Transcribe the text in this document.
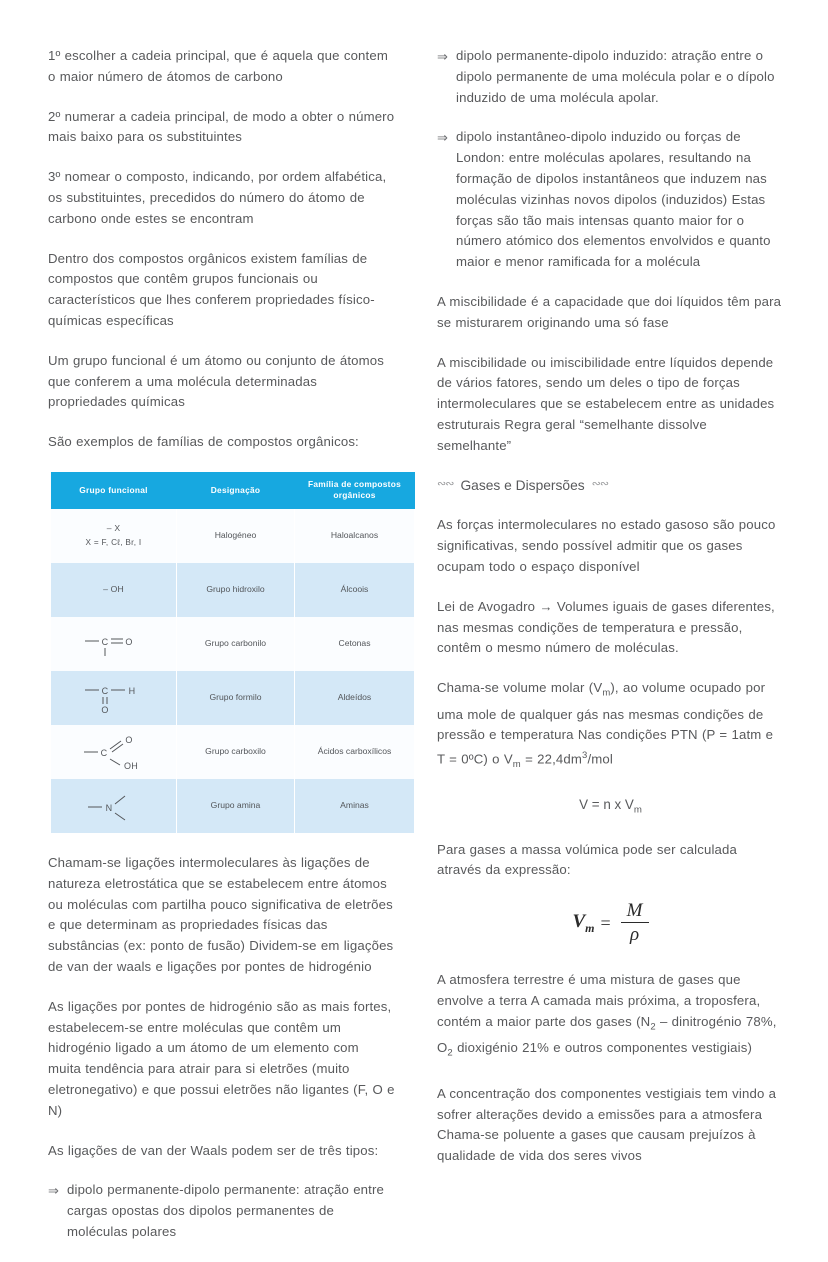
1º escolher a cadeia principal, que é aquela que contem o maior número de átomos de carbono

2º numerar a cadeia principal, de modo a obter o número mais baixo para os substituintes

3º nomear o composto, indicando, por ordem alfabética, os substituintes, precedidos do número do átomo de carbono onde estes se encontram

Dentro dos compostos orgânicos existem famílias de compostos que contêm grupos funcionais ou característicos que lhes conferem propriedades físico-químicas específicas

Um grupo funcional é um átomo ou conjunto de átomos que conferem a uma molécula determinadas propriedades químicas

São exemplos de famílias de compostos orgânicos:

Grupo funcional	Designação	Família de compostos orgânicos
– X
X = F, Cℓ, Br, I	Halogéneo	Haloalcanos
– OH	Grupo hidroxilo	Álcoois

C O	Grupo carbonilo	Cetonas

C H
O	Grupo formilo	Aldeídos

C
O
OH	Grupo carboxilo	Ácidos carboxílicos

N	Grupo amina	Aminas

Chamam-se ligações intermoleculares às ligações de natureza eletrostática que se estabelecem entre átomos ou moléculas com partilha pouco significativa de eletrões e que determinam as propriedades físicas das substâncias (ex: ponto de fusão) Dividem-se em ligações de van der waals e ligações por pontes de hidrogénio

As ligações por pontes de hidrogénio são as mais fortes, estabelecem-se entre moléculas que contêm um hidrogénio ligado a um átomo de um elemento com muita tendência para atrair para si eletrões (muito eletronegativo) e que possui eletrões não ligantes (F, O e N)

As ligações de van der Waals podem ser de três tipos:

⇒ dipolo permanente-dipolo permanente: atração entre cargas opostas dos dipolos permanentes de moléculas polares

⇒ dipolo permanente-dipolo induzido: atração entre o dipolo permanente de uma molécula polar e o dípolo induzido de uma molécula apolar.

⇒ dipolo instantâneo-dipolo induzido ou forças de London: entre moléculas apolares, resultando na formação de dipolos instantâneos que induzem nas moléculas vizinhas novos dipolos (induzidos) Estas forças são tão mais intensas quanto maior for o número atómico dos elementos envolvidos e quanto maior e menor ramificada for a molécula

A miscibilidade é a capacidade que doi líquidos têm para se misturarem originando uma só fase

A miscibilidade ou imiscibilidade entre líquidos depende de vários fatores, sendo um deles o tipo de forças intermoleculares que se estabelecem entre as unidades estruturais Regra geral “semelhante dissolve semelhante”

∾∾ Gases e Dispersões ∾∾

As forças intermoleculares no estado gasoso são pouco significativas, sendo possível admitir que os gases ocupam todo o espaço disponível

Lei de Avogadro → Volumes iguais de gases diferentes, nas mesmas condições de temperatura e pressão, contêm o mesmo número de moléculas.

Chama-se volume molar $(V_m)$, ao volume ocupado por uma mole de qualquer gás nas mesmas condições de pressão e temperatura Nas condições PTN (P = 1atm e T = 0ºC) o $V_m = 22,4dm^3/mol$

V = n x $V_m$

Para gases a massa volúmica pode ser calculada através da expressão:

$V_m = \frac{M}{\rho}$

A atmosfera terrestre é uma mistura de gases que envolve a terra A camada mais próxima, a troposfera, contém a maior parte dos gases ($N_2$ – dinitrogénio 78%, $O_2$ dioxigénio 21% e outros componentes vestigiais)

A concentração dos componentes vestigiais tem vindo a sofrer alterações devido a emissões para a atmosfera Chama-se poluente a gases que causam prejuízos à qualidade de vida dos seres vivos
